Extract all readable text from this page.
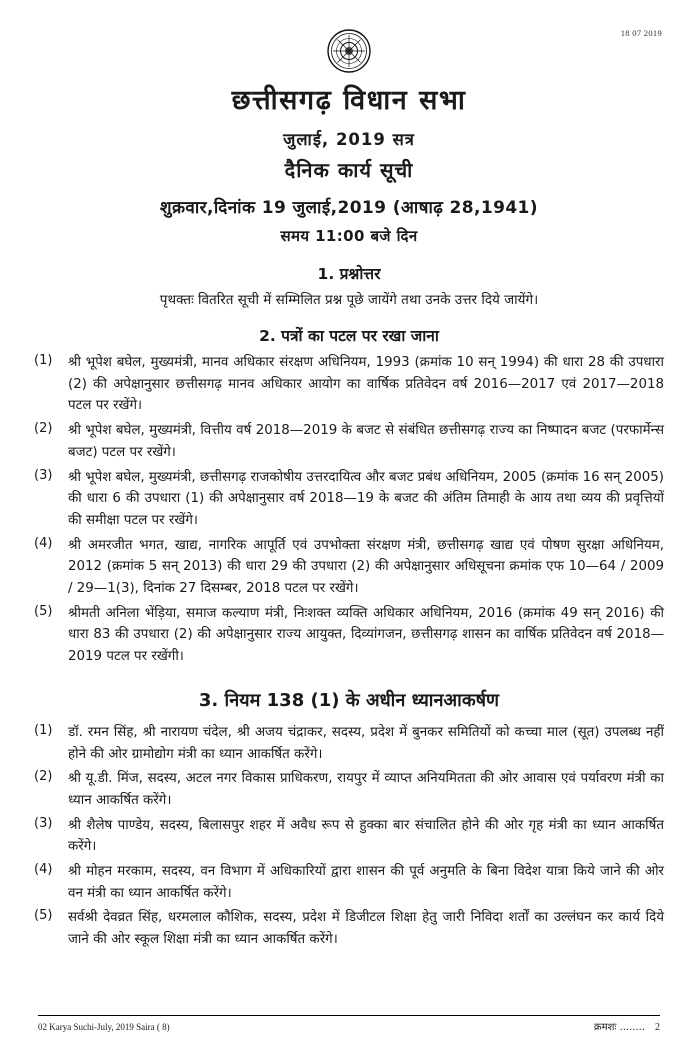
18 07 2019
छत्तीसगढ़ विधान सभा
जुलाई, 2019 सत्र
दैनिक कार्य सूची
शुक्रवार,दिनांक 19 जुलाई,2019 (आषाढ़ 28,1941)
समय 11:00 बजे दिन
1. प्रश्नोत्तर
पृथक्तः वितरित सूची में सम्मिलित प्रश्न पूछे जायेंगे तथा उनके उत्तर दिये जायेंगे।
2. पत्रों का पटल पर रखा जाना
(1)	श्री भूपेश बघेल, मुख्यमंत्री, मानव अधिकार संरक्षण अधिनियम, 1993 (क्रमांक 10 सन् 1994) की धारा 28 की उपधारा (2) की अपेक्षानुसार छत्तीसगढ़ मानव अधिकार आयोग का वार्षिक प्रतिवेदन वर्ष 2016—2017 एवं 2017—2018 पटल पर रखेंगे।
(2)	श्री भूपेश बघेल, मुख्यमंत्री, वित्तीय वर्ष 2018—2019 के बजट से संबंधित छत्तीसगढ़ राज्य का निष्पादन बजट (परफार्मेन्स बजट) पटल पर रखेंगे।
(3)	श्री भूपेश बघेल, मुख्यमंत्री, छत्तीसगढ़ राजकोषीय उत्तरदायित्व और बजट प्रबंध अधिनियम, 2005 (क्रमांक 16 सन् 2005) की धारा 6 की उपधारा (1) की अपेक्षानुसार वर्ष 2018—19 के बजट की अंतिम तिमाही के आय तथा व्यय की प्रवृत्तियों की समीक्षा पटल पर रखेंगे।
(4)	श्री अमरजीत भगत, खाद्य, नागरिक आपूर्ति एवं उपभोक्ता संरक्षण मंत्री, छत्तीसगढ़ खाद्य एवं पोषण सुरक्षा अधिनियम, 2012 (क्रमांक 5 सन् 2013) की धारा 29 की उपधारा (2) की अपेक्षानुसार अधिसूचना क्रमांक एफ 10—64 / 2009 / 29—1(3), दिनांक 27 दिसम्बर, 2018 पटल पर रखेंगे।
(5)	श्रीमती अनिला भेंड़िया, समाज कल्याण मंत्री, निःशक्त व्यक्ति अधिकार अधिनियम, 2016 (क्रमांक 49 सन् 2016) की धारा 83 की उपधारा (2) की अपेक्षानुसार राज्य आयुक्त, दिव्यांगजन, छत्तीसगढ़ शासन का वार्षिक प्रतिवेदन वर्ष 2018—2019 पटल पर रखेंगी।
3. नियम 138 (1) के अधीन ध्यानआकर्षण
(1)	डॉ. रमन सिंह, श्री नारायण चंदेल, श्री अजय चंद्राकर, सदस्य, प्रदेश में बुनकर समितियों को कच्चा माल (सूत) उपलब्ध नहीं होने की ओर ग्रामोद्योग मंत्री का ध्यान आकर्षित करेंगे।
(2)	श्री यू.डी. मिंज, सदस्य, अटल नगर विकास प्राधिकरण, रायपुर में व्याप्त अनियमितता की ओर आवास एवं पर्यावरण मंत्री का ध्यान आकर्षित करेंगे।
(3)	श्री शैलेष पाण्डेय, सदस्य, बिलासपुर शहर में अवैध रूप से हुक्का बार संचालित होने की ओर गृह मंत्री का ध्यान आकर्षित करेंगे।
(4)	श्री मोहन मरकाम, सदस्य, वन विभाग में अधिकारियों द्वारा शासन की पूर्व अनुमति के बिना विदेश यात्रा किये जाने की ओर वन मंत्री का ध्यान आकर्षित करेंगे।
(5)	सर्वश्री देवव्रत सिंह, धरमलाल कौशिक, सदस्य, प्रदेश में डिजीटल शिक्षा हेतु जारी निविदा शर्तों का उल्लंघन कर कार्य दिये जाने की ओर स्कूल शिक्षा मंत्री का ध्यान आकर्षित करेंगे।
02 Karya Suchi-July, 2019 Saira ( 8)	क्रमशः ........ 2
